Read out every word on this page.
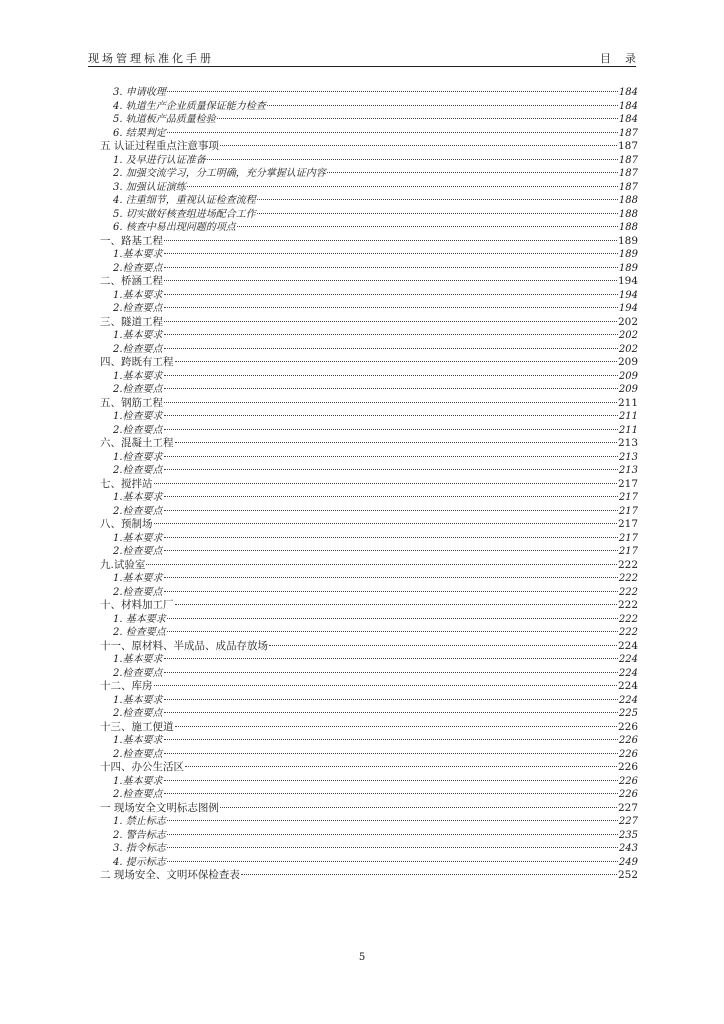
现场管理标准化手册	目录
3. 申请收理	184
4. 轨道生产企业质量保证能力检查	184
5. 轨道板产品质量检验	184
6. 结果判定	187
五 认证过程重点注意事项	187
1. 及早进行认证准备	187
2. 加强交流学习，分工明确，充分掌握认证内容	187
3. 加强认证演练	187
4. 注重细节，重视认证检查流程	188
5. 切实做好核查组进场配合工作	188
6. 核查中易出现问题的项点	188
一、路基工程	189
1.基本要求	189
2.检查要点	189
二、桥涵工程	194
1.基本要求	194
2.检查要点	194
三、隧道工程	202
1.基本要求	202
2.检查要点	202
四、跨既有工程	209
1.基本要求	209
2.检查要点	209
五、钢筋工程	211
1.检查要求	211
2.检查要点	211
六、混凝土工程	213
1.检查要求	213
2.检查要点	213
七、搅拌站	217
1.基本要求	217
2.检查要点	217
八、预制场	217
1.基本要求	217
2.检查要点	217
九.试验室	222
1.基本要求	222
2.检查要点	222
十、材料加工厂	222
1. 基本要求	222
2. 检查要点	222
十一、原材料、半成品、成品存放场	224
1.基本要求	224
2.检查要点	224
十二、库房	224
1.基本要求	224
2.检查要点	225
十三、施工便道	226
1.基本要求	226
2.检查要点	226
十四、办公生活区	226
1.基本要求	226
2.检查要点	226
一 现场安全文明标志图例	227
1. 禁止标志	227
2. 警告标志	235
3. 指令标志	243
4. 提示标志	249
二 现场安全、文明环保检查表	252
5
